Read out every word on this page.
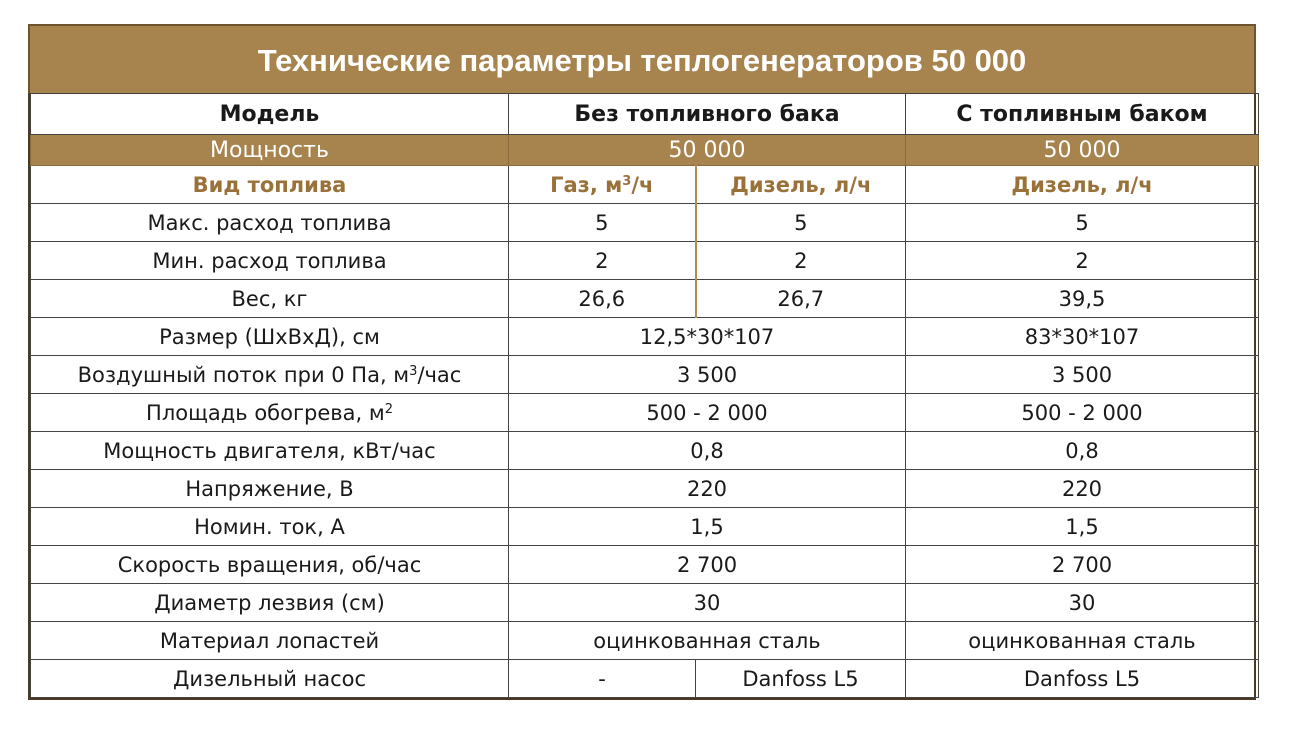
Технические параметры теплогенераторов 50 000
Модель	Без топливного бака		С топливным баком
Мощность	50 000		50 000
Вид топлива	Газ, $м^3/ч$	Дизель, л/ч	Дизель, л/ч
Макс. расход топлива	5	5	5
Мин. расход топлива	2	2	2
Вес, кг	26,6	26,7	39,5
Размер (ШхВхД), см	12,5*30*107		83*30*107
Воздушный поток при 0 Па, $м^3$/час	3 500		3 500
Площадь обогрева, $м^2$	500 - 2 000		500 - 2 000
Мощность двигателя, кВт/час	0,8		0,8
Напряжение, В	220		220
Номин. ток, А	1,5		1,5
Скорость вращения, об/час	2 700		2 700
Диаметр лезвия (см)	30		30
Материал лопастей	оцинкованная сталь		оцинкованная сталь
Дизельный насос	-	Danfoss L5	Danfoss L5
